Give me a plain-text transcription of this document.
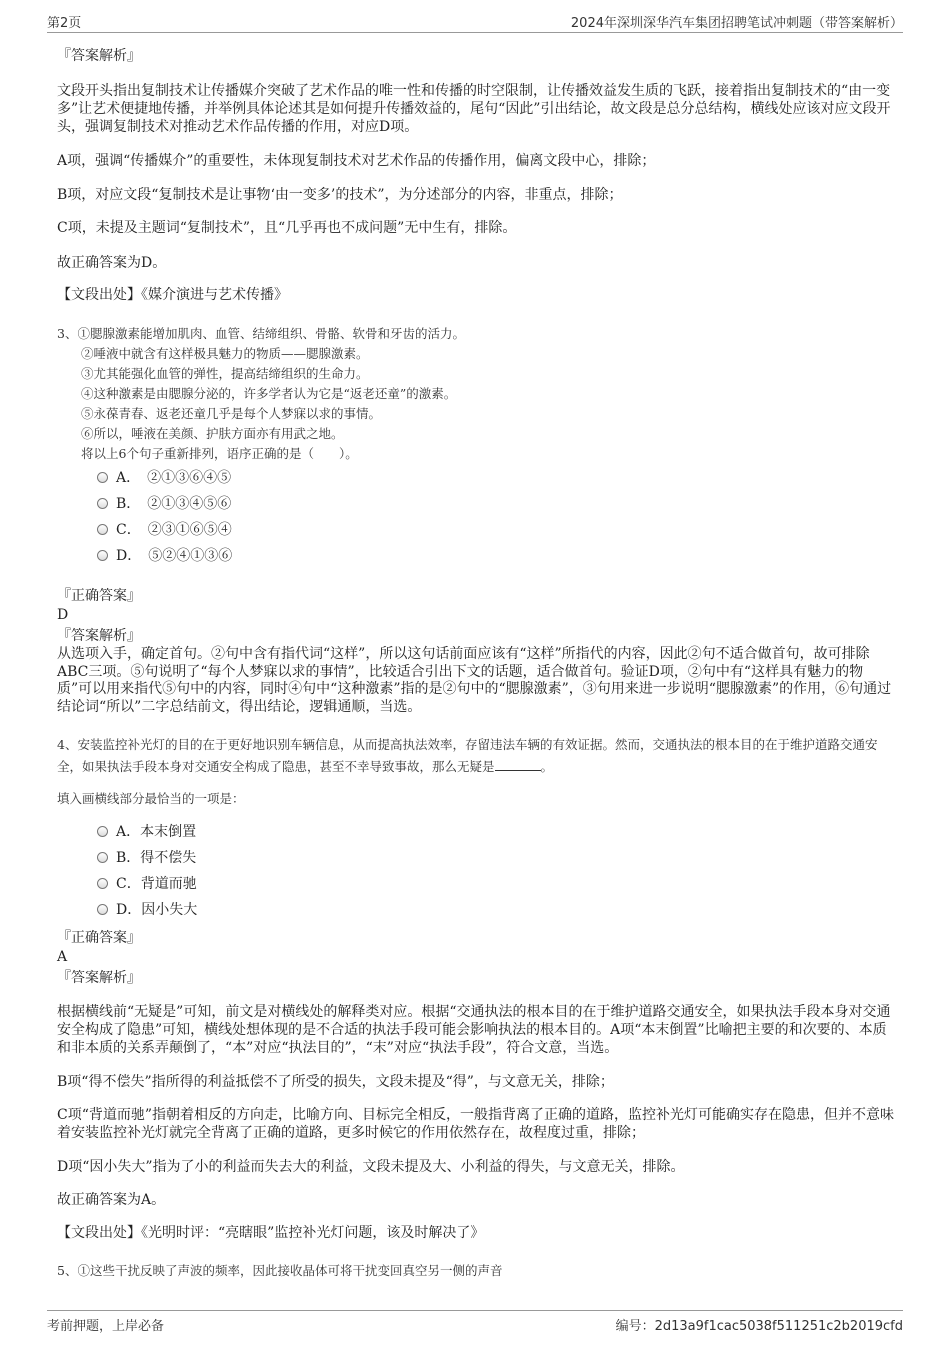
第2页	2024年深圳深华汽车集团招聘笔试冲刺题（带答案解析）
『答案解析』
文段开头指出复制技术让传播媒介突破了艺术作品的唯一性和传播的时空限制，让传播效益发生质的飞跃，接着指出复制技术的“由一变多”让艺术便捷地传播，并举例具体论述其是如何提升传播效益的，尾句“因此”引出结论，故文段是总分总结构，横线处应该对应文段开头，强调复制技术对推动艺术作品传播的作用，对应D项。
A项，强调“传播媒介”的重要性，未体现复制技术对艺术作品的传播作用，偏离文段中心，排除；
B项，对应文段“复制技术是让事物‘由一变多’的技术”，为分述部分的内容，非重点，排除；
C项，未提及主题词“复制技术”，且“几乎再也不成问题”无中生有，排除。
故正确答案为D。
【文段出处】《媒介演进与艺术传播》
3、①腮腺激素能增加肌肉、血管、结缔组织、骨骼、软骨和牙齿的活力。
②唾液中就含有这样极具魅力的物质——腮腺激素。
③尤其能强化血管的弹性，提高结缔组织的生命力。
④这种激素是由腮腺分泌的，许多学者认为它是“返老还童”的激素。
⑤永葆青春、返老还童几乎是每个人梦寐以求的事情。
⑥所以，唾液在美颜、护肤方面亦有用武之地。
将以上6个句子重新排列，语序正确的是（　　）。
A．　②①③⑥④⑤
B．　②①③④⑤⑥
C．　②③①⑥⑤④
D．　⑤②④①③⑥
『正确答案』
D
『答案解析』
从选项入手，确定首句。②句中含有指代词“这样”，所以这句话前面应该有“这样”所指代的内容，因此②句不适合做首句，故可排除ABC三项。⑤句说明了“每个人梦寐以求的事情”，比较适合引出下文的话题，适合做首句。验证D项，②句中有“这样具有魅力的物质”可以用来指代⑤句中的内容，同时④句中“这种激素”指的是②句中的“腮腺激素”，③句用来进一步说明“腮腺激素”的作用，⑥句通过结论词“所以”二字总结前文，得出结论，逻辑通顺，当选。
4、安装监控补光灯的目的在于更好地识别车辆信息，从而提高执法效率，存留违法车辆的有效证据。然而，交通执法的根本目的在于维护道路交通安全，如果执法手段本身对交通安全构成了隐患，甚至不幸导致事故，那么无疑是	。
填入画横线部分最恰当的一项是：
A．本末倒置
B．得不偿失
C．背道而驰
D．因小失大
『正确答案』
A
『答案解析』
根据横线前“无疑是”可知，前文是对横线处的解释类对应。根据“交通执法的根本目的在于维护道路交通安全，如果执法手段本身对交通安全构成了隐患”可知，横线处想体现的是不合适的执法手段可能会影响执法的根本目的。A项“本末倒置”比喻把主要的和次要的、本质和非本质的关系弄颠倒了，“本”对应“执法目的”，“末”对应“执法手段”，符合文意，当选。
B项“得不偿失”指所得的利益抵偿不了所受的损失，文段未提及“得”，与文意无关，排除；
C项“背道而驰”指朝着相反的方向走，比喻方向、目标完全相反，一般指背离了正确的道路，监控补光灯可能确实存在隐患，但并不意味着安装监控补光灯就完全背离了正确的道路，更多时候它的作用依然存在，故程度过重，排除；
D项“因小失大”指为了小的利益而失去大的利益，文段未提及大、小利益的得失，与文意无关，排除。
故正确答案为A。
【文段出处】《光明时评：“亮瞎眼”监控补光灯问题，该及时解决了》
5、①这些干扰反映了声波的频率，因此接收晶体可将干扰变回真空另一侧的声音
考前押题，上岸必备	编号：2d13a9f1cac5038f511251c2b2019cfd
